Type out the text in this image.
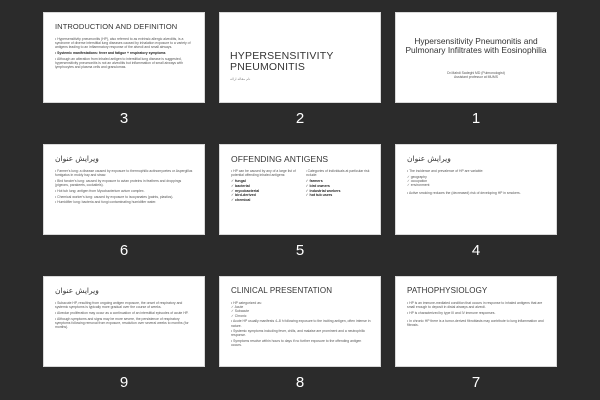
INTRODUCTION AND DEFINITION
• Hypersensitivity pneumonitis (HP), also referred to as extrinsic allergic alveolitis, is a syndrome of diverse interstitial lung diseases caused by inhalation exposure to a variety of antigens leading to an inflammatory response of the alveoli and small airways.
• Systemic manifestations: fever and fatigue + respiratory symptoms
• Although an alteration from inhaled antigen to interstitial lung disease is suggested, hypersensitivity pneumonitis is not an alveolitis but inflammation of small airways with lymphocytes and plasma cells and granulomas.
3
HYPERSENSITIVITY PNEUMONITIS
نام مقاله ارائه
2
Hypersensitivity Pneumonitis and Pulmonary Infiltrates with Eosinophilia
Dr.Mahdi Sadeghi MD (Pulmonologist)
Assistant professor at MUMS
1
ویرایش عنوان
• Farmer's lung: a disease caused by exposure to thermophilic actinomycetes or Aspergillus fumigatus in moldy hay and straw.
• Bird fancier's lung: caused by exposure to avian proteins in feathers and droppings (pigeons, parakeets, cockatiels).
• Hot tub lung: antigen from Mycobacterium avium complex.
• Chemical worker's lung: caused by exposure to isocyanates (paints, plastics).
• Humidifier lung: bacteria and fungi contaminating humidifier water.
6
OFFENDING ANTIGENS
• HP can be caused by any of a large list of potential offending inhaled antigens:
✓ fungal
✓ bacterial
✓ mycobacterial
✓ bird-derived
✓ chemical
• Categories of individuals at particular risk include:
✓ farmers
✓ bird owners
✓ industrial workers
✓ hot tub users
5
ویرایش عنوان
• The incidence and prevalence of HP are variable:
✓ geography
✓ occupation
✓ environment
• Active smoking reduces the (decreased) risk of developing HP in smokers.
4
ویرایش عنوان
• Subacute HP, resulting from ongoing antigen exposure, the onset of respiratory and systemic symptoms is typically more gradual over the course of weeks.
• Alveolar proliferation may occur as a continuation of an interstitial episodes of acute HP.
• Although symptoms and signs may be more severe, the persistence of respiratory symptoms following removal from exposure, resolution over several weeks to months (for months).
9
CLINICAL PRESENTATION
• HP categorized as:
✓ Acute
✓ Subacute
✓ Chronic
• Acute HP usually manifests 4–8 h following exposure to the inciting antigen, often intense in nature.
• Systemic symptoms including fever, chills, and malaise are prominent and a neutrophilic response.
• Symptoms resolve within hours to days if no further exposure to the offending antigen occurs.
8
PATHOPHYSIOLOGY
• HP is an immune-mediated condition that occurs in response to inhaled antigens that are small enough to deposit in distal airways and alveoli.
• HP is characterized by type III and IV immune responses.
• In chronic HP there is a tumor-derived fibroblasts may contribute to lung inflammation and fibrosis.
7
